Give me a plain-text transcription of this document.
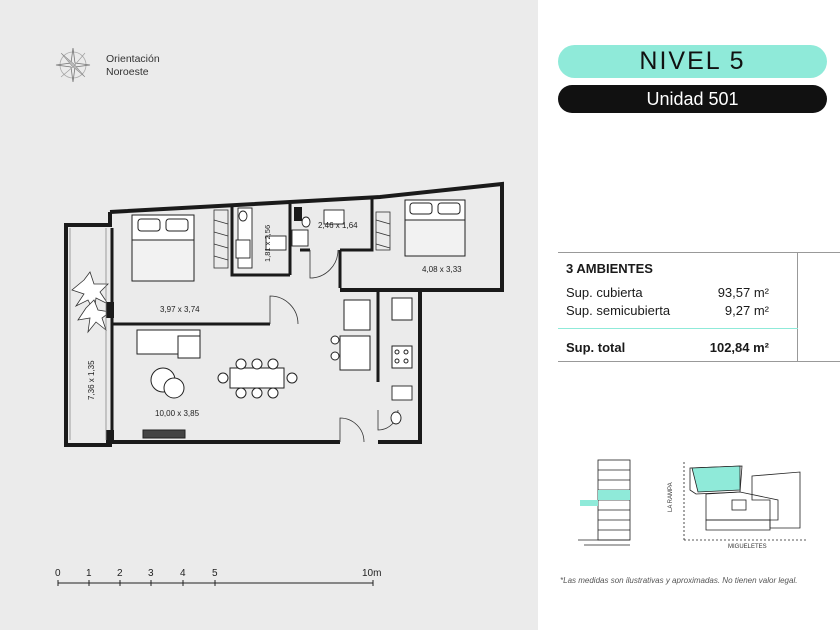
Orientación
Noroeste
3,97 x 3,74
1,81 x 2,56	2,46 x 1,64
4,08 x 3,33
7,36 x 1,35
10,00 x 3,85
0	1	2	3	4	5	10m
NIVEL 5
Unidad 501
3 AMBIENTES
Sup. cubierta	93,57 m²
Sup. semicubierta	9,27 m²
Sup. total	102,84 m²
LA RAMPA
MIGUELETES
*Las medidas son ilustrativas y aproximadas. No tienen valor legal.
